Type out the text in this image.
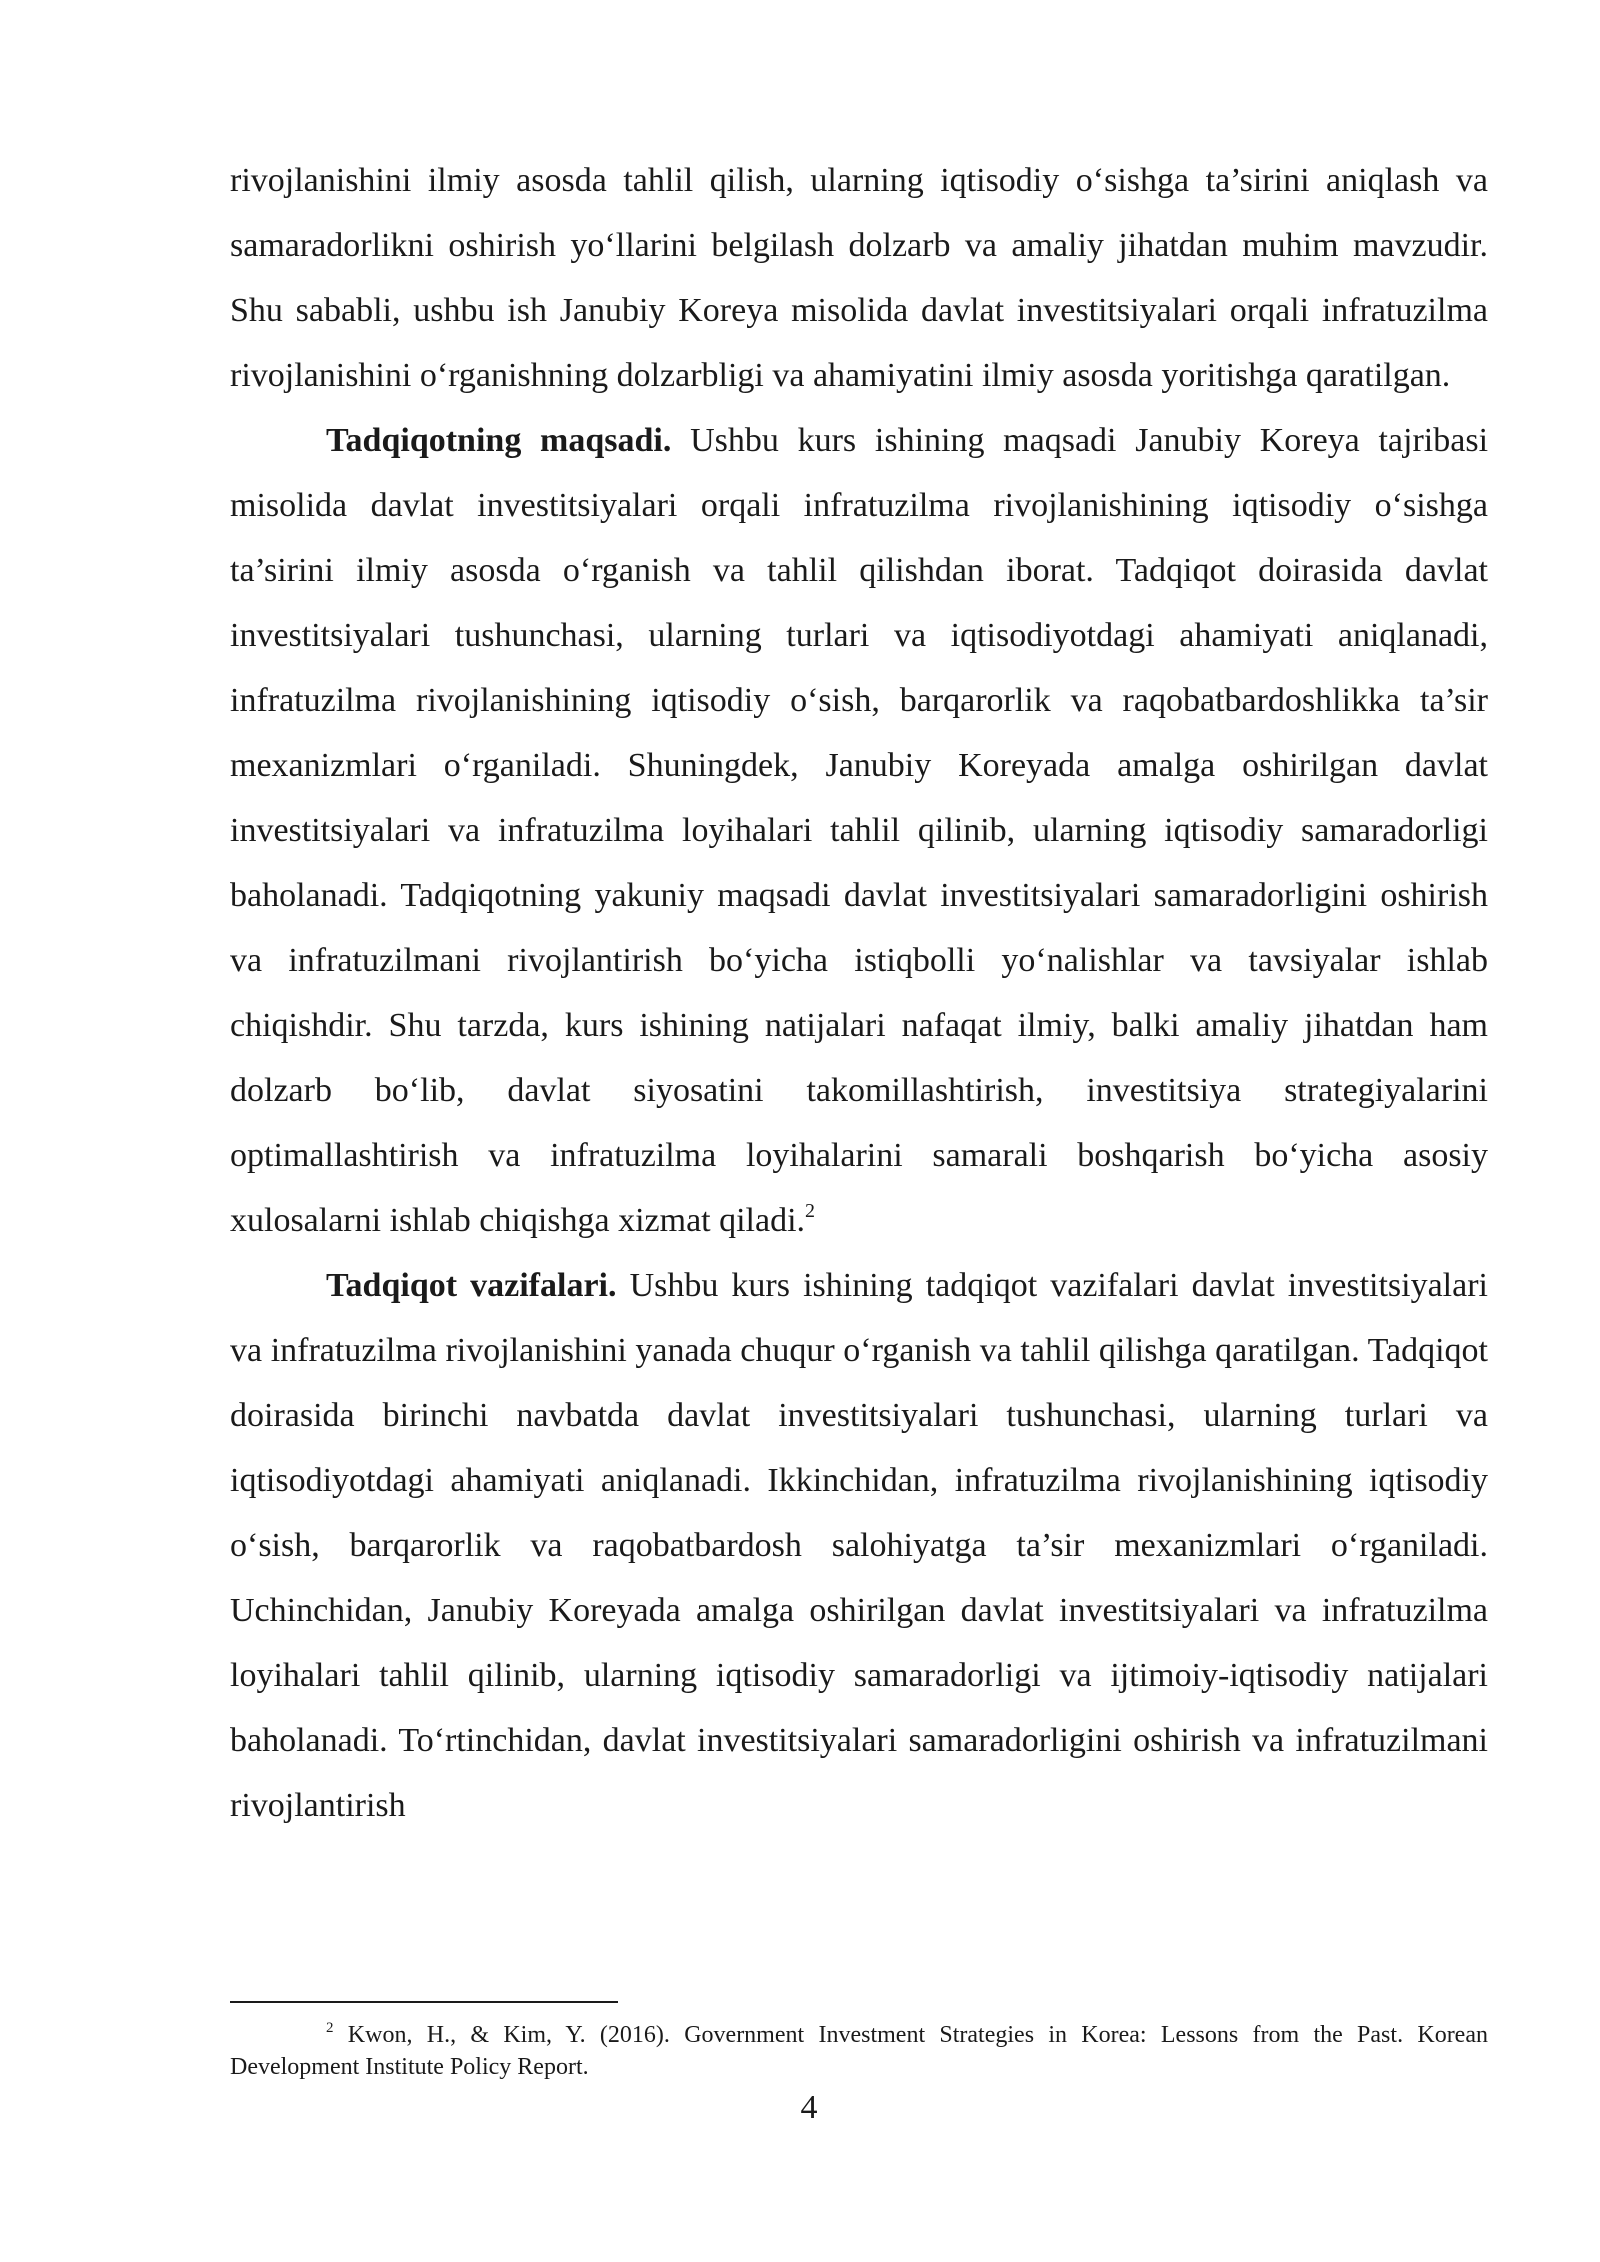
rivojlanishini ilmiy asosda tahlil qilish, ularning iqtisodiy o‘sishga ta’sirini aniqlash va samaradorlikni oshirish yo‘llarini belgilash dolzarb va amaliy jihatdan muhim mavzudir. Shu sababli, ushbu ish Janubiy Koreya misolida davlat investitsiyalari orqali infratuzilma rivojlanishini o‘rganishning dolzarbligi va ahamiyatini ilmiy asosda yoritishga qaratilgan.

Tadqiqotning maqsadi. Ushbu kurs ishining maqsadi Janubiy Koreya tajribasi misolida davlat investitsiyalari orqali infratuzilma rivojlanishining iqtisodiy o‘sishga ta’sirini ilmiy asosda o‘rganish va tahlil qilishdan iborat. Tadqiqot doirasida davlat investitsiyalari tushunchasi, ularning turlari va iqtisodiyotdagi ahamiyati aniqlanadi, infratuzilma rivojlanishining iqtisodiy o‘sish, barqarorlik va raqobatbardoshlikka ta’sir mexanizmlari o‘rganiladi. Shuningdek, Janubiy Koreyada amalga oshirilgan davlat investitsiyalari va infratuzilma loyihalari tahlil qilinib, ularning iqtisodiy samaradorligi baholanadi. Tadqiqotning yakuniy maqsadi davlat investitsiyalari samaradorligini oshirish va infratuzilmani rivojlantirish bo‘yicha istiqbolli yo‘nalishlar va tavsiyalar ishlab chiqishdir. Shu tarzda, kurs ishining natijalari nafaqat ilmiy, balki amaliy jihatdan ham dolzarb bo‘lib, davlat siyosatini takomillashtirish, investitsiya strategiyalarini optimallashtirish va infratuzilma loyihalarini samarali boshqarish bo‘yicha asosiy xulosalarni ishlab chiqishga xizmat qiladi.$^2$

Tadqiqot vazifalari. Ushbu kurs ishining tadqiqot vazifalari davlat investitsiyalari va infratuzilma rivojlanishini yanada chuqur o‘rganish va tahlil qilishga qaratilgan. Tadqiqot doirasida birinchi navbatda davlat investitsiyalari tushunchasi, ularning turlari va iqtisodiyotdagi ahamiyati aniqlanadi. Ikkinchidan, infratuzilma rivojlanishining iqtisodiy o‘sish, barqarorlik va raqobatbardosh salohiyatga ta’sir mexanizmlari o‘rganiladi. Uchinchidan, Janubiy Koreyada amalga oshirilgan davlat investitsiyalari va infratuzilma loyihalari tahlil qilinib, ularning iqtisodiy samaradorligi va ijtimoiy-iqtisodiy natijalari baholanadi. To‘rtinchidan, davlat investitsiyalari samaradorligini oshirish va infratuzilmani rivojlantirish

$^2$ Kwon, H., & Kim, Y. (2016). Government Investment Strategies in Korea: Lessons from the Past. Korean Development Institute Policy Report.
4
